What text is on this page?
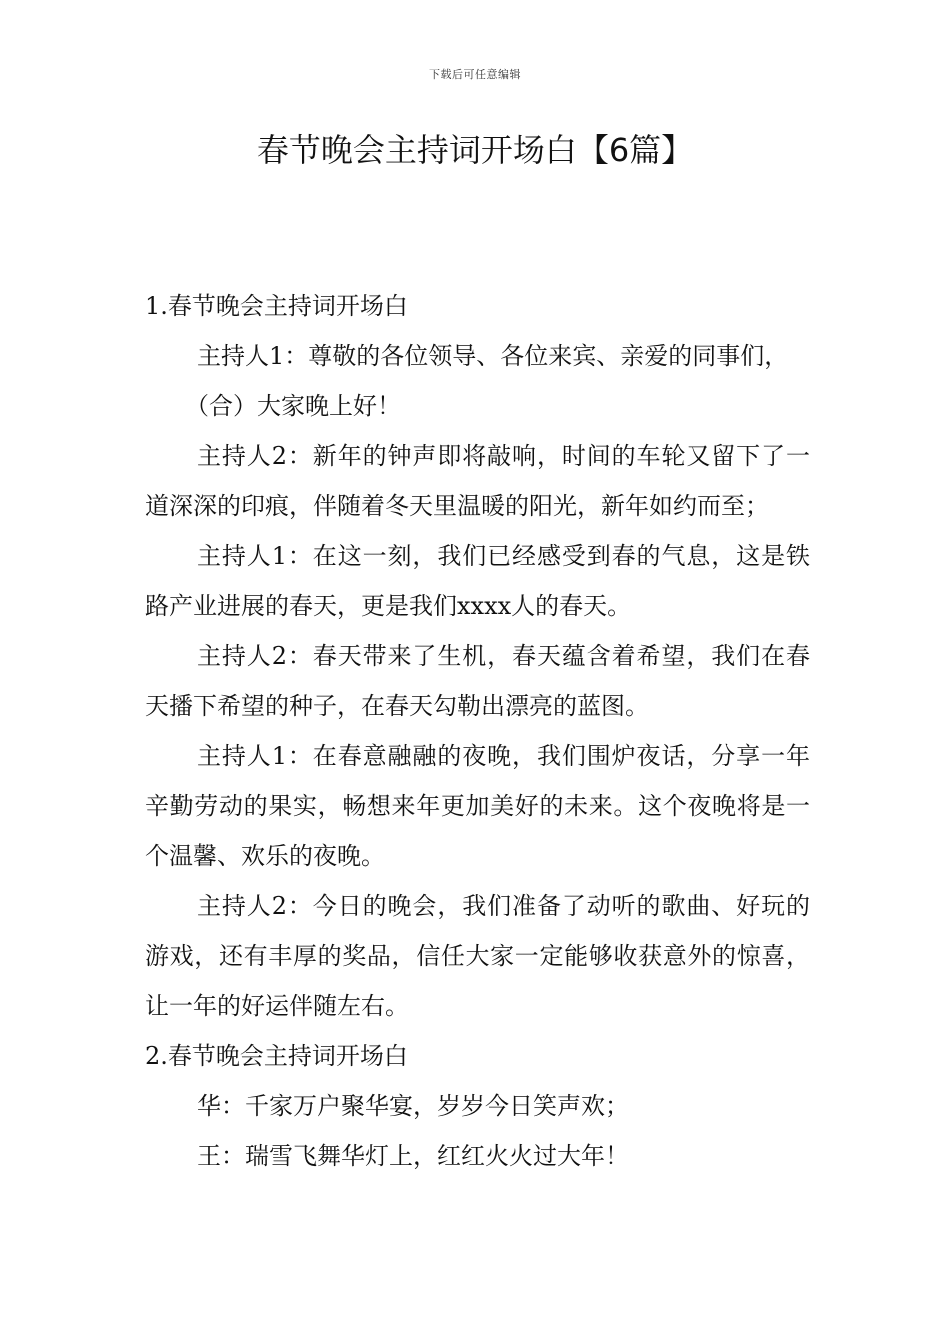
下载后可任意编辑
春节晚会主持词开场白【6篇】

1.春节晚会主持词开场白

主持人1：尊敬的各位领导、各位来宾、亲爱的同事们，

（合）大家晚上好！

主持人2：新年的钟声即将敲响，时间的车轮又留下了一道深深的印痕，伴随着冬天里温暖的阳光，新年如约而至；

主持人1：在这一刻，我们已经感受到春的气息，这是铁路产业进展的春天，更是我们xxxx人的春天。

主持人2：春天带来了生机，春天蕴含着希望，我们在春天播下希望的种子，在春天勾勒出漂亮的蓝图。

主持人1：在春意融融的夜晚，我们围炉夜话，分享一年辛勤劳动的果实，畅想来年更加美好的未来。这个夜晚将是一个温馨、欢乐的夜晚。

主持人2：今日的晚会，我们准备了动听的歌曲、好玩的游戏，还有丰厚的奖品，信任大家一定能够收获意外的惊喜，让一年的好运伴随左右。

2.春节晚会主持词开场白

华：千家万户聚华宴，岁岁今日笑声欢；

王：瑞雪飞舞华灯上，红红火火过大年！
